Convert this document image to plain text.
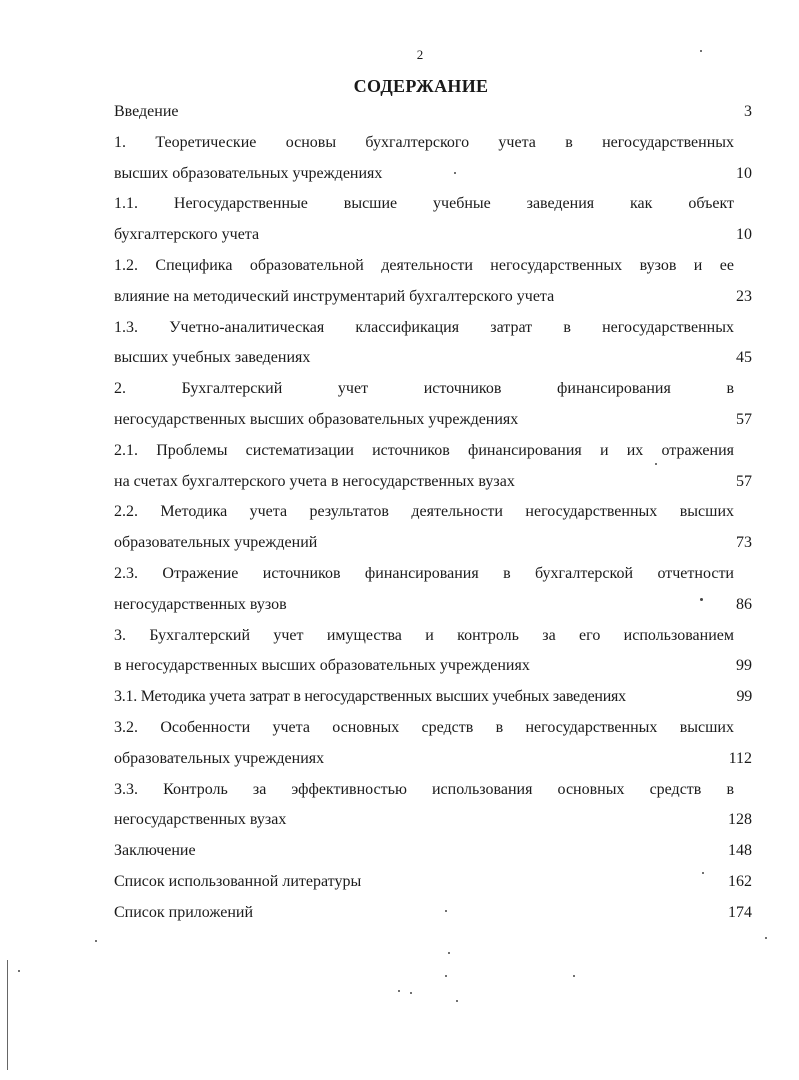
2
СОДЕРЖАНИЕ
Введение	3
1. Теоретические основы бухгалтерского учета в негосударственных
высших образовательных учреждениях	10
1.1. Негосударственные высшие учебные заведения как объект
бухгалтерского учета	10
1.2. Специфика образовательной деятельности негосударственных вузов и ее
влияние на методический инструментарий бухгалтерского учета	23
1.3. Учетно-аналитическая классификация затрат в негосударственных
высших учебных заведениях	45
2. Бухгалтерский учет источников финансирования в
негосударственных высших образовательных учреждениях	57
2.1. Проблемы систематизации источников финансирования и их отражения
на счетах бухгалтерского учета в негосударственных вузах	57
2.2. Методика учета результатов деятельности негосударственных высших
образовательных учреждений	73
2.3. Отражение источников финансирования в бухгалтерской отчетности
негосударственных вузов	86
3. Бухгалтерский учет имущества и контроль за его использованием
в негосударственных высших образовательных учреждениях	99
3.1. Методика учета затрат в негосударственных высших учебных заведениях	99
3.2. Особенности учета основных средств в негосударственных высших
образовательных учреждениях	112
3.3. Контроль за эффективностью использования основных средств в
негосударственных вузах	128
Заключение	148
Список использованной литературы	162
Список приложений	174
